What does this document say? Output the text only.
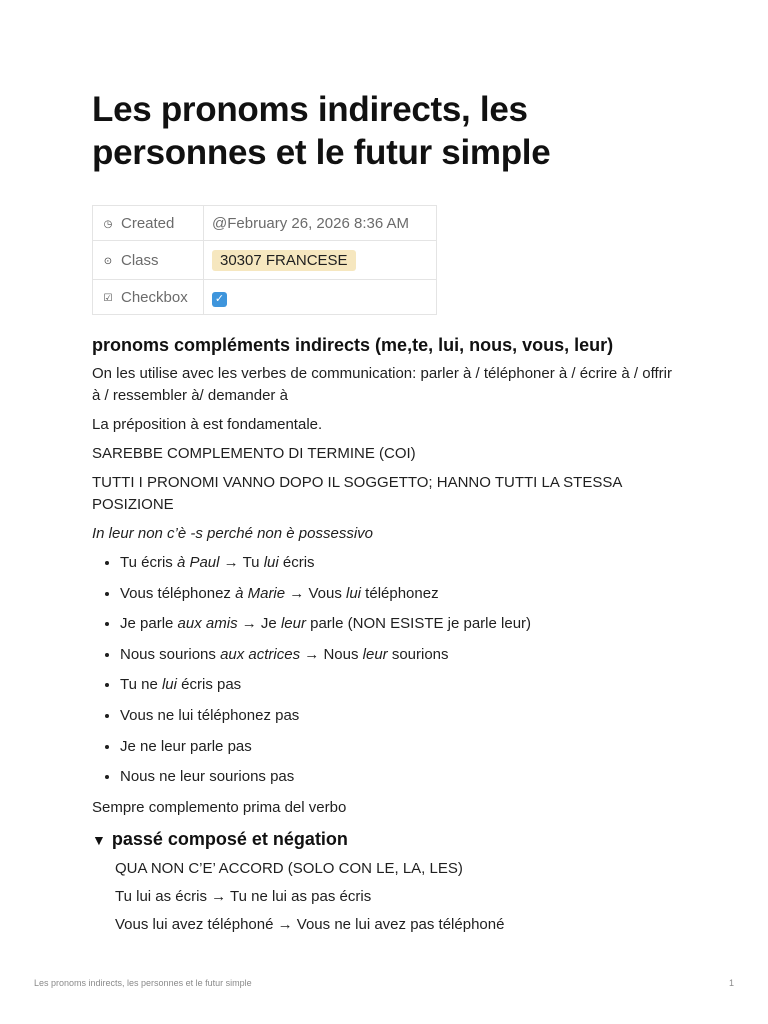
Les pronoms indirects, les personnes et le futur simple
◷ Created	@February 26, 2026 8:36 AM
⊙ Class	30307 FRANCESE
☑ Checkbox	✓
pronoms compléments indirects (me,te, lui, nous, vous, leur)

On les utilise avec les verbes de communication: parler à / téléphoner à / écrire à / offrir à / ressembler à/ demander à

La préposition à est fondamentale.

SAREBBE COMPLEMENTO DI TERMINE (COI)

TUTTI I PRONOMI VANNO DOPO IL SOGGETTO; HANNO TUTTI LA STESSA POSIZIONE

In leur non c’è -s perché non è possessivo

• Tu écris à Paul → Tu lui écris
• Vous téléphonez à Marie → Vous lui téléphonez
• Je parle aux amis → Je leur parle (NON ESISTE je parle leur)
• Nous sourions aux actrices → Nous leur sourions
• Tu ne lui écris pas
• Vous ne lui téléphonez pas
• Je ne leur parle pas
• Nous ne leur sourions pas

Sempre complemento prima del verbo

▼ passé composé et négation

QUA NON C’E’ ACCORD (SOLO CON LE, LA, LES)

Tu lui as écris → Tu ne lui as pas écris

Vous lui avez téléphoné → Vous ne lui avez pas téléphoné

Les pronoms indirects, les personnes et le futur simple	1
